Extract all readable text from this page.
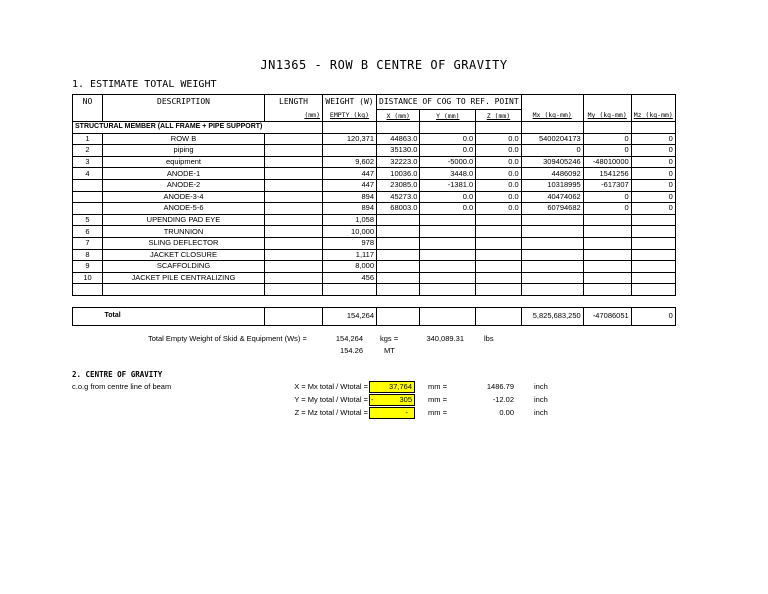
JN1365 - ROW B CENTRE OF GRAVITY
1. ESTIMATE TOTAL WEIGHT
NO	DESCRIPTION	LENGTH	WEIGHT (W)	DISTANCE OF COG TO REF. POINT					
		(mm)	EMPTY (kg)	X (mm)	Y (mm)	Z (mm)	Mx (kg-mm)	My (kg-mm)	Mz (kg-mm)
STRUCTURAL MEMBER (ALL FRAME + PIPE SUPPORT)									
1	ROW B		120,371	44863.0	0.0	0.0	5400204173	0	0
2	piping			35130.0	0.0	0.0	0	0	0
3	equipment		9,602	32223.0	-5000.0	0.0	309405246	-48010000	0
4	ANODE-1		447	10036.0	3448.0	0.0	4486092	1541256	0
	ANODE-2		447	23085.0	-1381.0	0.0	10318995	-617307	0
	ANODE-3-4		894	45273.0	0.0	0.0	40474062	0	0
	ANODE-5-6		894	68003.0	0.0	0.0	60794682	0	0
5	UPENDING PAD EYE		1,058						
6	TRUNNION		10,000						
7	SLING DEFLECTOR		978						
8	JACKET CLOSURE		1,117						
9	SCAFFOLDING		8,000						
10	JACKET PILE CENTRALIZING		456						

	Total		154,264				5,825,683,250	-47086051	0
Total Empty Weight of Skid & Equipment (Ws) =	154,264 kgs =	340,089.31	lbs
154.26	MT
2. CENTRE OF GRAVITY
c.o.g from centre line of beam	X = Mx total / Wtotal =	37,764	mm =	1486.79	inch
Y = My total / Wtotal = -	305 mm =	-12.02	inch
Z = Mz total / Wtotal =	-	mm =	0.00	inch
